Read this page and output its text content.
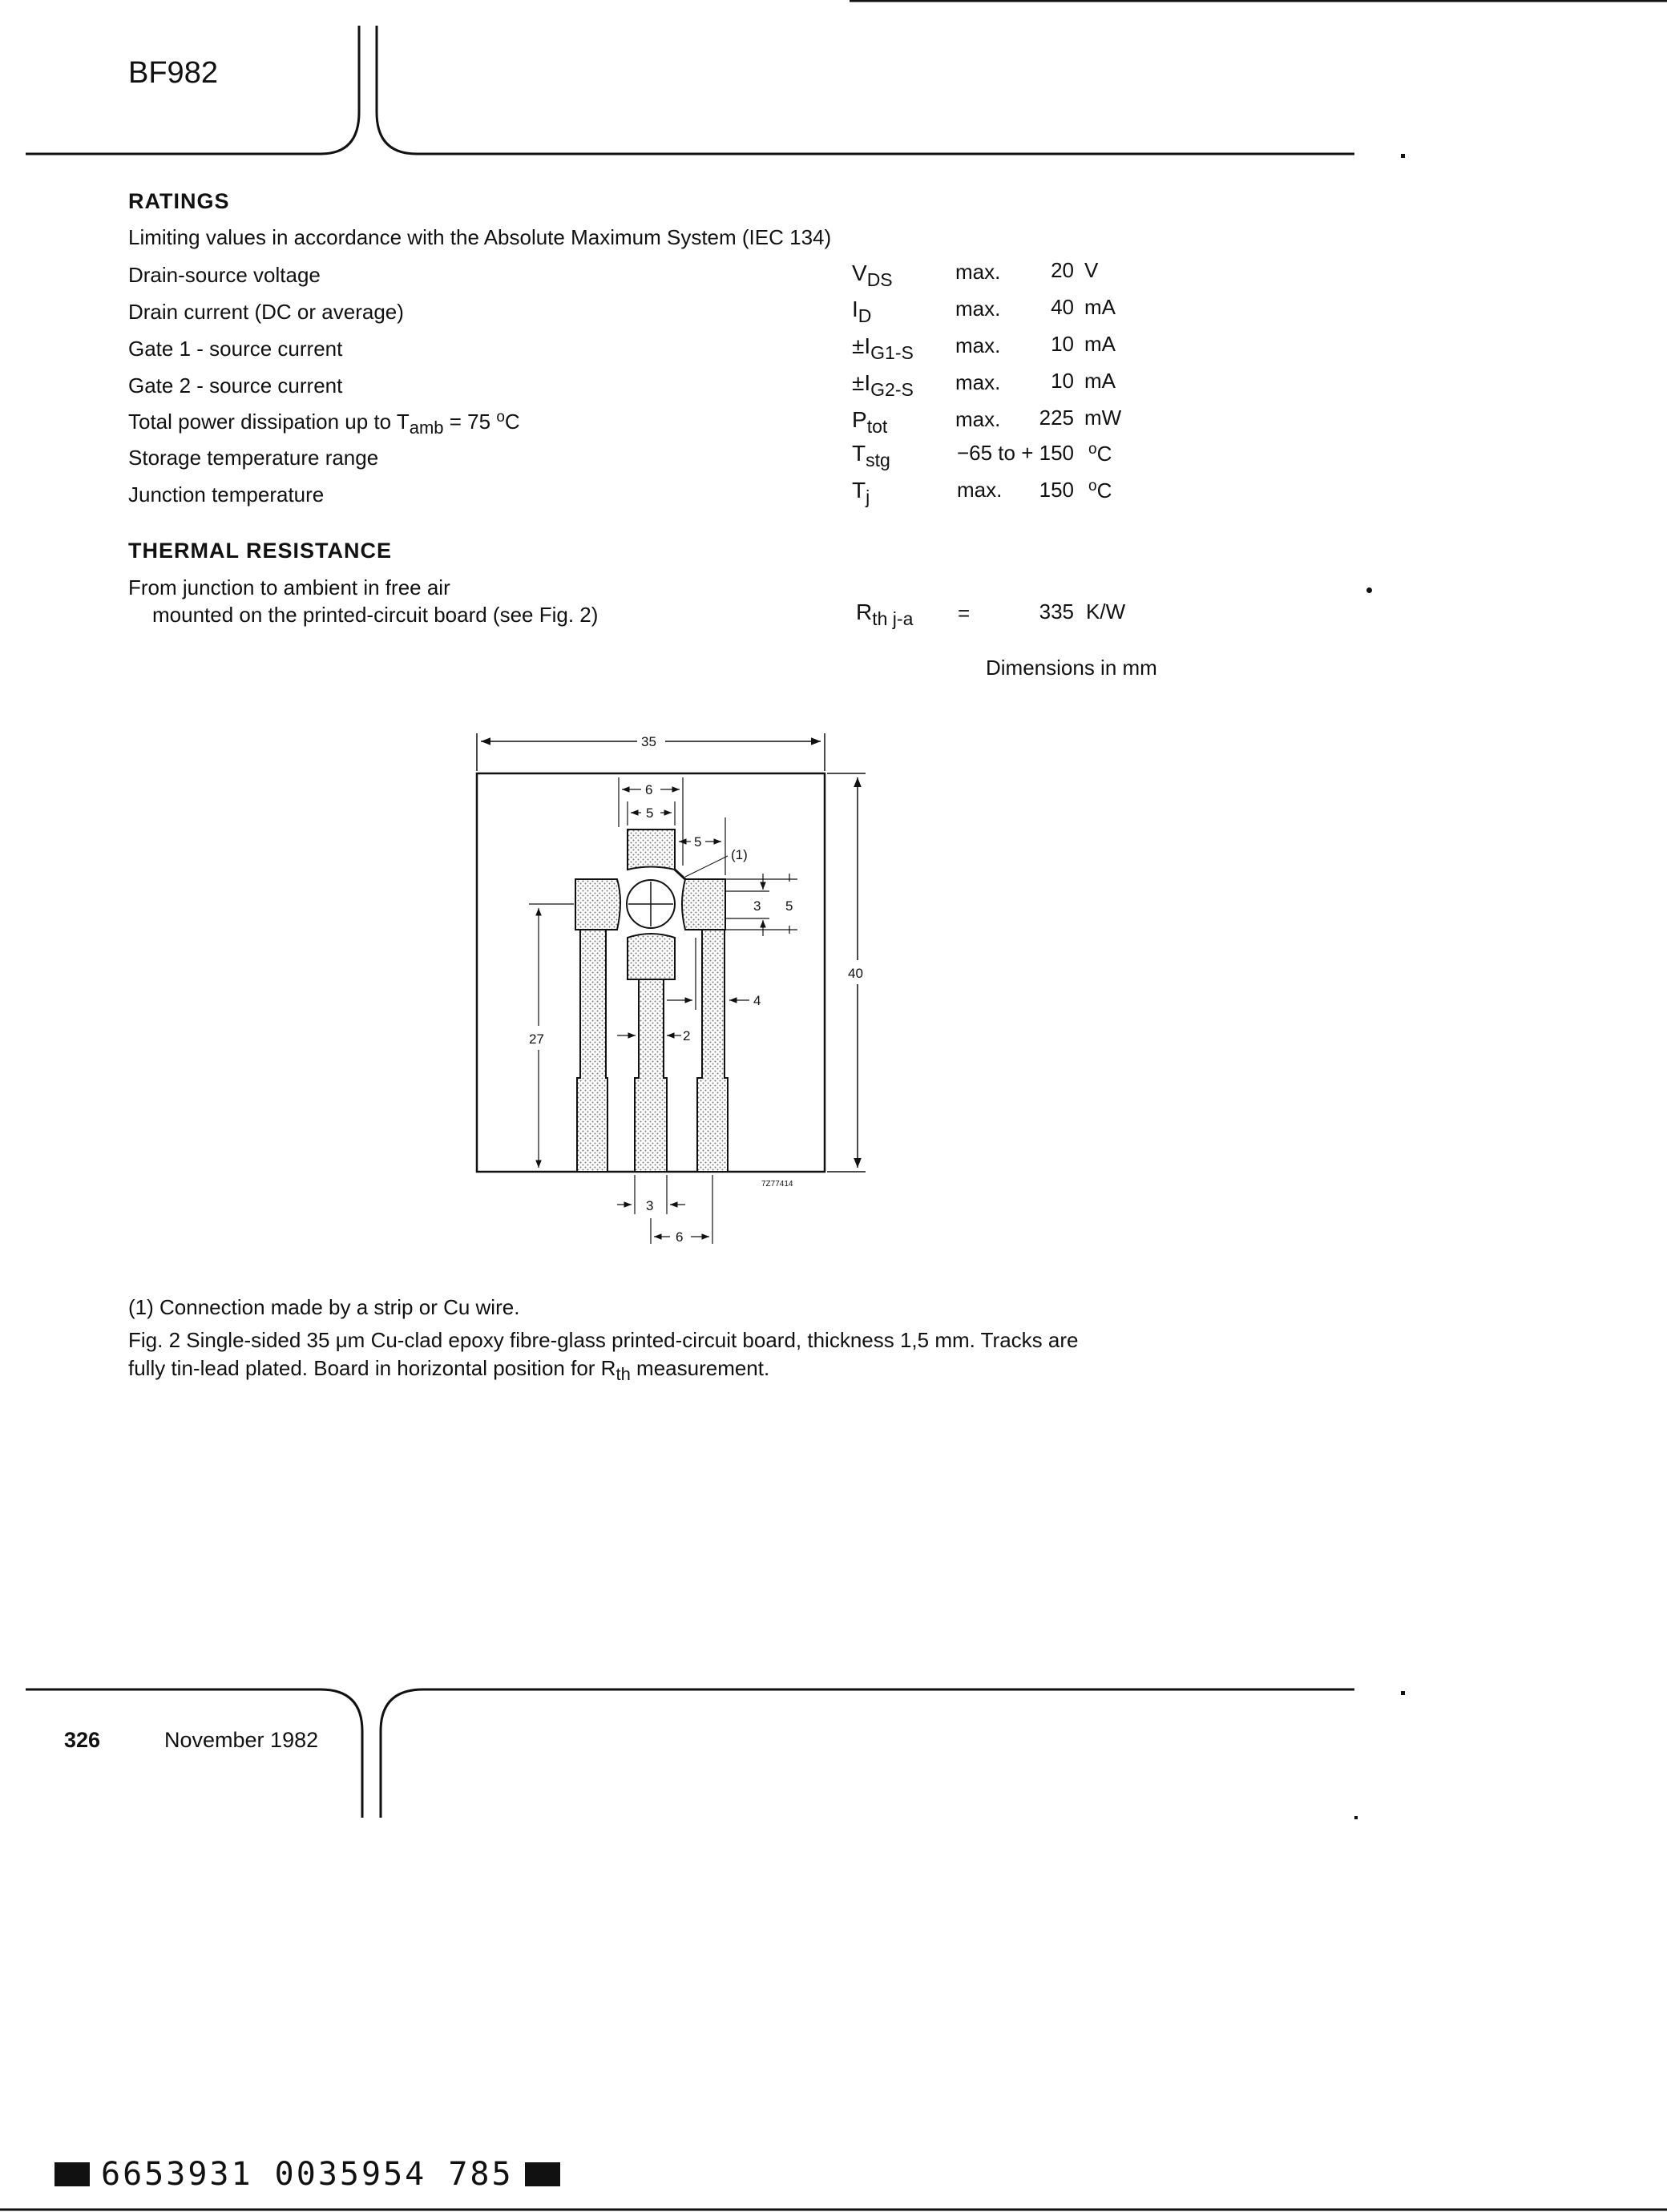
BF982
RATINGS
Limiting values in accordance with the Absolute Maximum System (IEC 134)
Drain-source voltage	$V_{DS}$	max.	20 V
Drain current (DC or average)	$I_D$	max.	40 mA
Gate 1 - source current	$\pm I_{G1-S}$ max.	10 mA
Gate 2 - source current	$\pm I_{G2-S}$ max.	10 mA
Total power dissipation up to $T_{amb} = 75$ $^o$C	$P_{tot}$	max.	225 mW
Storage temperature range	$T_{stg}$	−65 to + 150 $^o$C
Junction temperature	$T_j$	max.	150 $^o$C
THERMAL RESISTANCE
From junction to ambient in free air
mounted on the printed-circuit board (see Fig. 2)	$R_{th j-a}$ =	335 K/W
Dimensions in mm
35
40
6
5
5
(1)
3 5
4
2
27
3
6
7Z77414
(1) Connection made by a strip or Cu wire.
Fig. 2 Single-sided 35 μm Cu-clad epoxy fibre-glass printed-circuit board, thickness 1,5 mm. Tracks are
fully tin-lead plated. Board in horizontal position for $R_{th}$ measurement.
326	November 1982
6653931 0035954 785
